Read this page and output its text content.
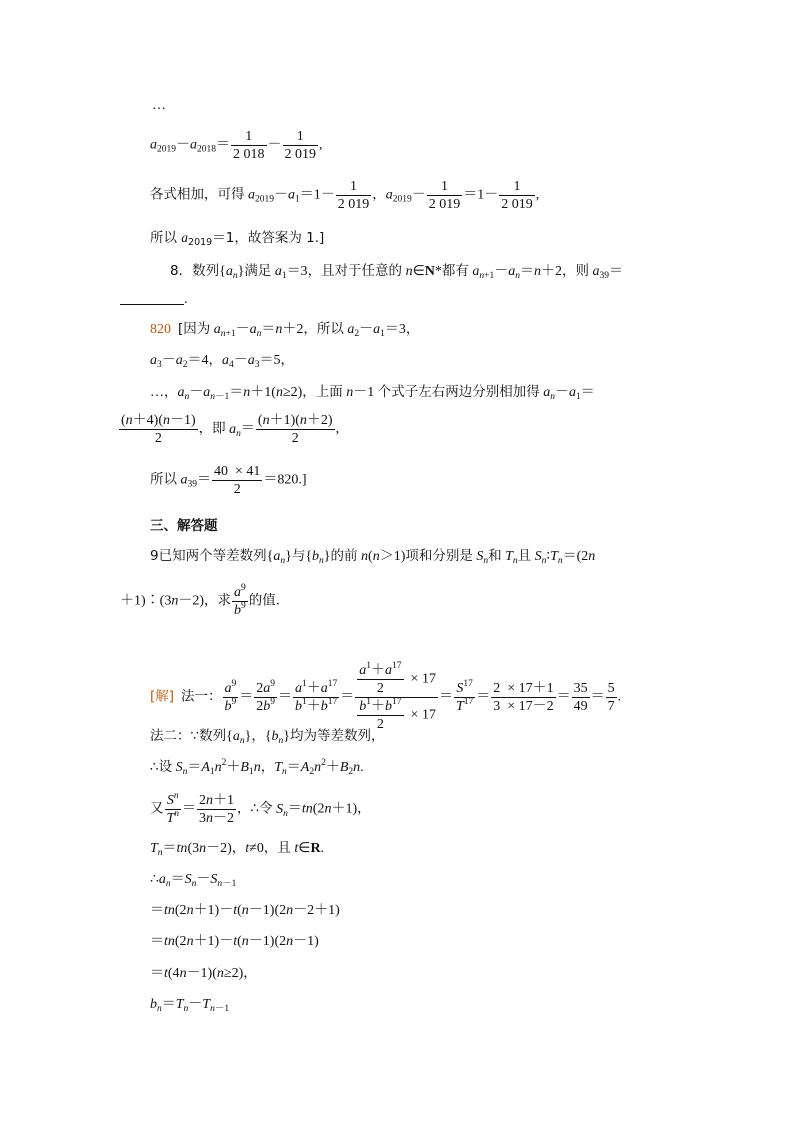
…
$a_{2019}-a_{2018}= \frac{1}{2 018} - \frac{1}{2 019}$ ,
各式相加，可得 $a_{2019}-a_1=1- \frac{1}{2 019}$ ，$a_{2019}- \frac{1}{2 019} =1- \frac{1}{2 019}$ ,
所以 $a_{2019}=1$，故答案为 1.]
8．数列$\{a_n\}$满足 $a_1=3$，且对于任意的 n∈N*都有 $a_{n+1}-a_n=n+2$，则 $a_{39}=$
.
820 [因为 $a_{n+1}-a_n=n+2$，所以 $a_2-a_1=3$，
$a_3-a_2=4$，$a_4-a_3=5$，
…，$a_n-a_{n-1}=n+1(n\ge 2)$，上面 n－1 个式子左右两边分别相加得 $a_n-a_1=$
$\frac{(n+4)(n-1)}{2}$ ，即 $a_n= \frac{(n+1)(n+2)}{2}$ ,
所以 $a_{39}= \frac{40 \times 41}{2} =820$.]
三、解答题
9已知两个等差数列$\{a_n\}$与$\{b_n\}$的前 n(n＞1)项和分别是 $S_n$和 $T_n$且 $S_n∶T_n=(2n$
＋1)∶(3n－2)，求 $\frac{a^9}{b^9}$ 的值．
[解] 法一： $\frac{a^9}{b^9} = \frac{2a^9}{2b^9} = \frac{a^1+a^{17}}{b^1+b^{17}} = \frac{\frac{a^1+a^{17}}{2} \times 17}{\frac{b^1+b^{17}}{2} \times 17} = \frac{S^{17}}{T^{17}} = \frac{2 \times 17+1}{3 \times 17-2} = \frac{35}{49} = \frac{5}{7}$ .
法二：∵数列$\{a_n\}$，$\{b_n\}$均为等差数列，
∴设 $S_n=A_1n^2+B_1n$，$T_n=A_2n^2+B_2n$.
又 $\frac{S^n}{T^n} = \frac{2n+1}{3n-2}$ ，∴令 $S_n=tn(2n+1)$，
$T_n=tn(3n-2)$，t≠0，且 t∈R.
$\therefore a_n=S_n-S_{n-1}$
＝tn(2n＋1)－t(n－1)(2n－2＋1)
＝tn(2n＋1)－t(n－1)(2n－1)
＝t(4n－1)(n≥2)，
$b_n=T_n-T_{n-1}$
